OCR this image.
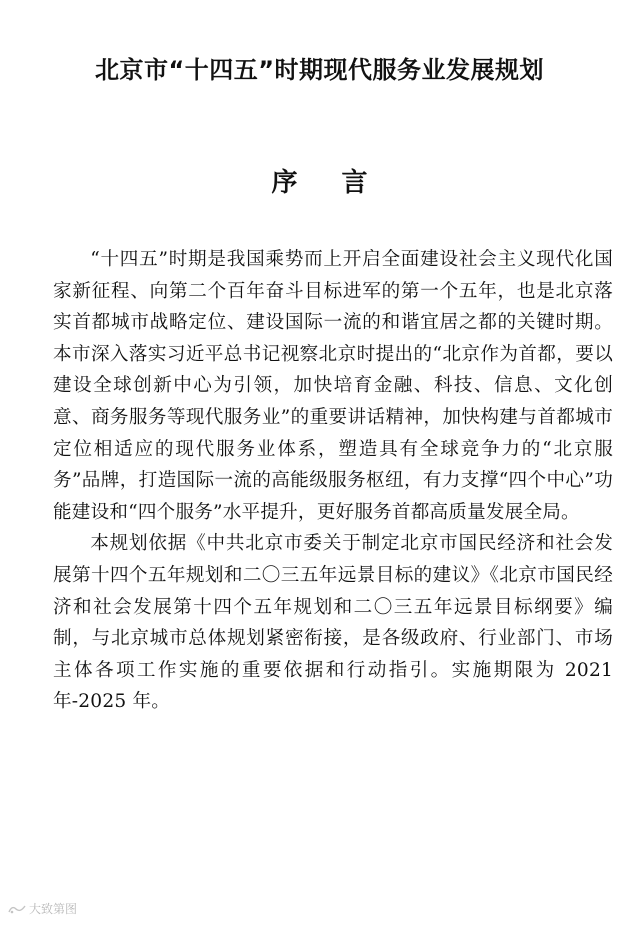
北京市“十四五”时期现代服务业发展规划
序 言

“十四五”时期是我国乘势而上开启全面建设社会主义现代化国家新征程、向第二个百年奋斗目标进军的第一个五年，也是北京落实首都城市战略定位、建设国际一流的和谐宜居之都的关键时期。本市深入落实习近平总书记视察北京时提出的“北京作为首都，要以建设全球创新中心为引领，加快培育金融、科技、信息、文化创意、商务服务等现代服务业”的重要讲话精神，加快构建与首都城市定位相适应的现代服务业体系，塑造具有全球竞争力的“北京服务”品牌，打造国际一流的高能级服务枢纽，有力支撑“四个中心”功能建设和“四个服务”水平提升，更好服务首都高质量发展全局。

本规划依据《中共北京市委关于制定北京市国民经济和社会发展第十四个五年规划和二〇三五年远景目标的建议》《北京市国民经济和社会发展第十四个五年规划和二〇三五年远景目标纲要》编制，与北京城市总体规划紧密衔接，是各级政府、行业部门、市场主体各项工作实施的重要依据和行动指引。实施期限为 2021 年-2025 年。

大致第图
